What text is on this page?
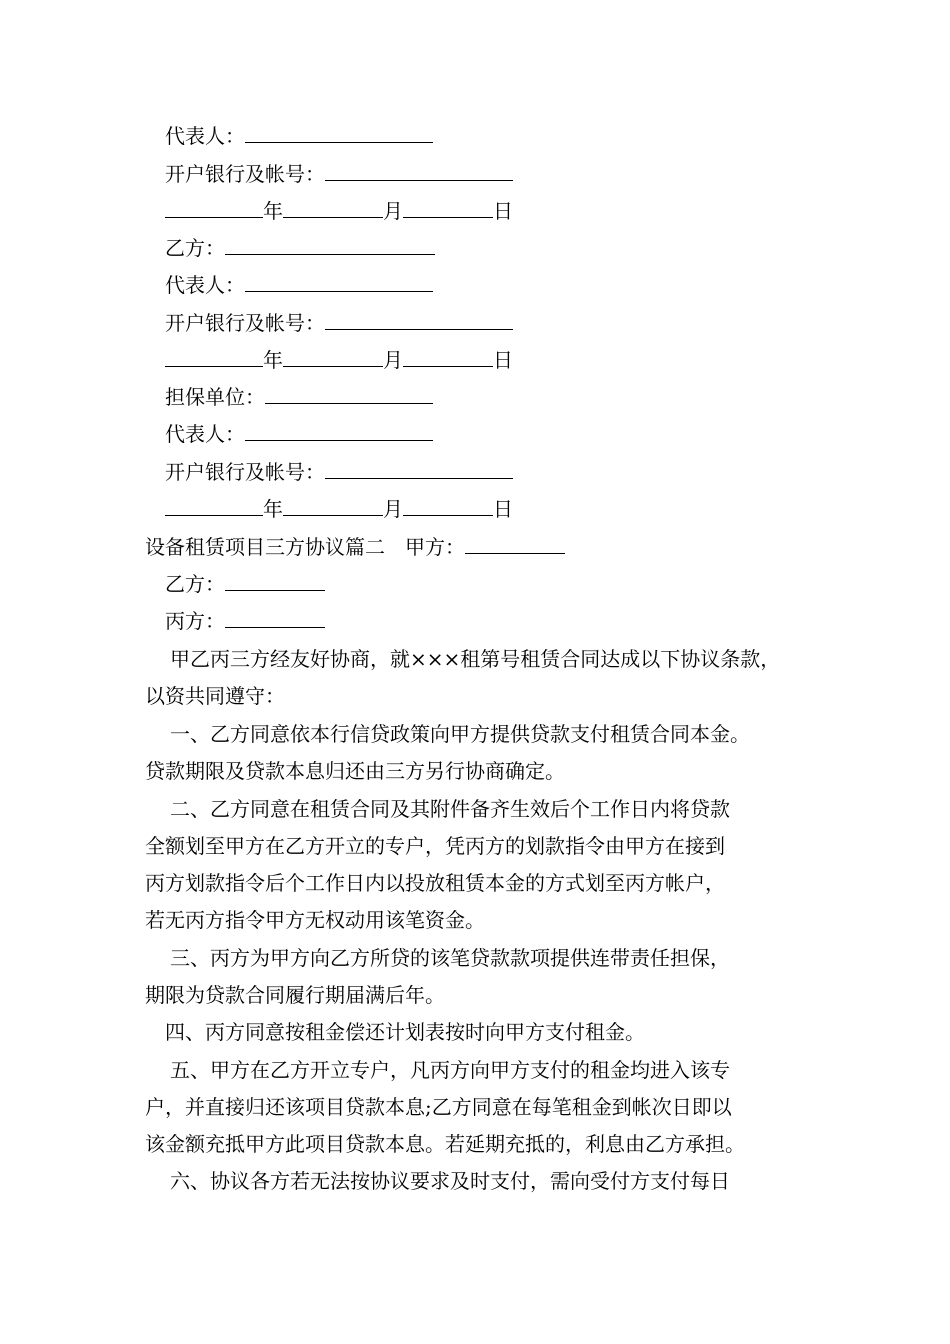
代表人：
开户银行及帐号：
年	月	日
乙方：
代表人：
开户银行及帐号：
年	月	日
担保单位：
代表人：
开户银行及帐号：
年	月	日
设备租赁项目三方协议篇二　甲方：
乙方：
丙方：
甲乙丙三方经友好协商，就×××租第号租赁合同达成以下协议条款，
以资共同遵守：
一、乙方同意依本行信贷政策向甲方提供贷款支付租赁合同本金。
贷款期限及贷款本息归还由三方另行协商确定。
二、乙方同意在租赁合同及其附件备齐生效后个工作日内将贷款
全额划至甲方在乙方开立的专户，凭丙方的划款指令由甲方在接到
丙方划款指令后个工作日内以投放租赁本金的方式划至丙方帐户，
若无丙方指令甲方无权动用该笔资金。
三、丙方为甲方向乙方所贷的该笔贷款款项提供连带责任担保，
期限为贷款合同履行期届满后年。
四、丙方同意按租金偿还计划表按时向甲方支付租金。
五、甲方在乙方开立专户，凡丙方向甲方支付的租金均进入该专
户，并直接归还该项目贷款本息;乙方同意在每笔租金到帐次日即以
该金额充抵甲方此项目贷款本息。若延期充抵的，利息由乙方承担。
六、协议各方若无法按协议要求及时支付，需向受付方支付每日
